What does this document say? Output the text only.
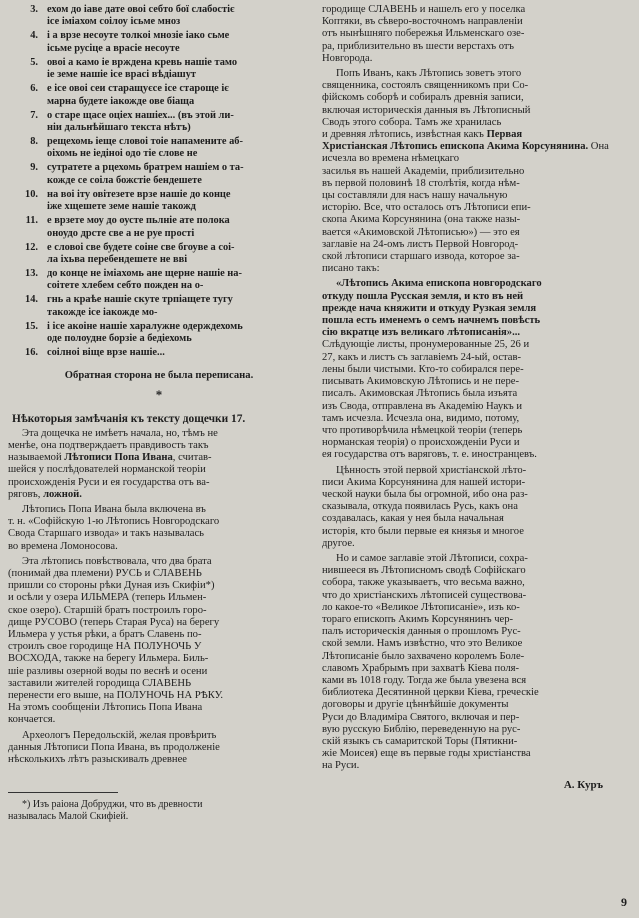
3. ехом до іаве дате овоі себто бої слабостіє
ісе іміахом соілоу ісьме мноз
4. і а врзе несоуте толкоі мнозіе іако сьме
ісьме русіце а врасіе несоуте
5. овоі а камо іе врждена кревь нашіе тамо
іе земе нашіе ісе врасі вѣдіашут
6. е ісе овоі сеи старащуєсе ісе староще іє
марна будете іакожде ове біаща
7. о старе щасе оціех нашіех... (въ этой ли-
ніи дальнѣйшаго текста нѣтъ)
8. рещехомь іеще словоі тоіе напамените аб-
оіхомь не іедіноі одо тіе слове не
9. сутратете а рцехомь братрем нашіем о та-
кожде се соіла божстіе бендешете
10. на воі іту овітезете врзе нашіе до конце
іже хщешете земе нашіе такожд
11. е врзете моу до оусте пьлніе ате полока
оноудо дрсте све а не руе прості
12. е словоі све будете соіне све бгоуве а соі-
ла іхьва перебендешете не вві
13. до конце не іміахомь ане щерне нашіе на-
соітете хлебем себто пожден на о-
14. гнь а краѣе нашіе скуте трпіащете тугу
такожде ісе іакожде мо-
15. і ісе акоіне нашіе харалужне одерждехомь
оде полоудне борзіе а бедіехомь
16. соілноі віще врзе нашіе...
Обратная сторона не была переписана.
*
Нѣкоторыя замѣчанія къ тексту дощечки 17.

Эта дощечка не имѣетъ начала, но, тѣмъ не
менѣе, она подтверждаетъ правдивость такъ
называемой Лѣтописи Попа Ивана, считав-
шейся у послѣдователей норманской теоріи
происхожденія Руси и ея государства отъ ва-
ряговъ, ложной.

Лѣтопись Попа Ивана была включена въ
т. н. «Софійскую 1-ю Лѣтопись Новгородскаго
Свода Старшаго извода» и такъ называлась
во времена Ломоносова.

Эта лѣтопись повѣствовала, что два брата
(понимай два племени) РУСЬ и СЛАВЕНЬ
пришли со стороны рѣки Дуная изъ Скифіи*)
и осѣли у озера ИЛЬМЕРА (теперь Ильмен-
ское озеро). Старшій братъ построилъ горо-
дище РУСОВО (теперь Старая Руса) на берегу
Ильмера у устья рѣки, а братъ Славень по-
строилъ свое городище НА ПОЛУНОЧЬ У
ВОСХОДА, также на берегу Ильмера. Биль-
шіе разливы озерной воды по веснѣ и осени
заставили жителей городища СЛАВЕНЬ
перенести его выше, на ПОЛУНОЧЬ НА РѢКУ.
На этомъ сообщеніи Лѣтопись Попа Ивана
кончается.

Археологъ Передольскій, желая провѣрить
данныя Лѣтописи Попа Ивана, въ продолженіе
нѣсколькихъ лѣтъ разыскивалъ древнее

*) Изъ раіона Добруджи, что въ древности
называлась Малой Скифіей.

городище СЛАВЕНЬ и нашелъ его у поселка
Коптяки, въ сѣверо-восточномъ направленіи
отъ нынѣшняго побережья Ильменскаго озе-
ра, приблизительно въ шести верстахъ отъ
Новгорода.

Попъ Иванъ, какъ Лѣтопись зоветъ этого
священника, состоялъ священникомъ при Со-
фійскомъ соборѣ и собиралъ древнія записи,
включая историческія данныя въ Лѣтописный
Сводъ этого собора. Тамъ же хранилась
и древняя лѣтопись, извѣстная какъ Первая
Христіанская Лѣтопись епископа Акима Корсунянина. Она исчезла во времена нѣмецкаго
засилья въ нашей Академіи, приблизительно
въ первой половинѣ 18 столѣтія, когда нѣм-
цы составляли для насъ нашу начальную
исторію. Все, что осталось отъ Лѣтописи епи-
скопа Акима Корсунянина (она также назы-
вается «Акимовской Лѣтописью») — это ея
заглавіе на 24-омъ листъ Первой Новгород-
ской лѣтописи старшаго извода, которое за-
писано такъ:

«Лѣтопись Акима епископа новгородскаго
откуду пошла Русская земля, и кто въ ней
прежде нача княжити и откуду Рузкая земля
пошла есть именемъ о семъ начнемъ повѣсть
сію вкратце изъ великаго лѣтописанія»...

Слѣдующіе листы, пронумерованные 25, 26 и
27, какъ и листъ съ заглавіемъ 24-ый, остав-
лены были чистыми. Кто-то собирался пере-
писывать Акимовскую Лѣтопись и не пере-
писалъ. Акимовская Лѣтопись была изъята
изъ Свода, отправлена въ Академію Наукъ и
тамъ исчезла. Исчезла она, видимо, потому,
что противорѣчила нѣмецкой теоріи (теперь
норманская теорія) о происхожденіи Руси и
ея государства отъ варяговъ, т. е. иностранцевъ.

Цѣнность этой первой христіанской лѣто-
писи Акима Корсунянина для нашей истори-
ческой науки была бы огромной, ибо она раз-
сказывала, откуда появилась Русь, какъ она
создавалась, какая у нея была начальная
исторія, кто были первые ея князья и многое
другое.

Но и самое заглавіе этой Лѣтописи, сохра-
нившееся въ Лѣтописномъ сводѣ Софійскаго
собора, также указываетъ, что весьма важно,
что до христіанскихъ лѣтописей существова-
ло какое-то «Великое Лѣтописаніе», изъ ко-
тораго епископъ Акимъ Корсунянинъ чер-
палъ историческія данныя о прошломъ Рус-
ской земли. Намъ извѣстно, что это Великое
Лѣтописаніе было захвачено королемъ Боле-
славомъ Храбрымъ при захватѣ Кіева поля-
ками въ 1018 году. Тогда же была увезена вся
библиотека Десятинной церкви Кіева, греческіе
договоры и другіе цѣннѣйшіе документы
Руси до Владиміра Святого, включая и пер-
вую русскую Библію, переведенную на рус-
скій языкъ съ самаритской Торы (Пятикни-
жіе Моисея) еще въ первые годы христіанства
на Руси.

А. Куръ
9
